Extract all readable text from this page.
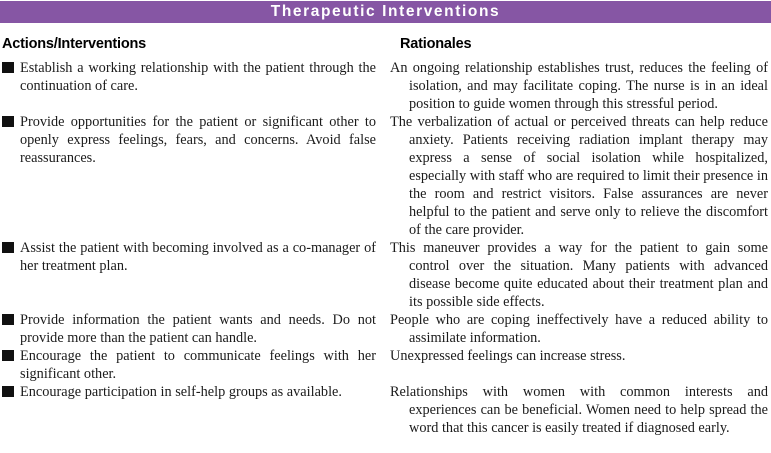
Therapeutic Interventions
Actions/Interventions	Rationales
Establish a working relationship with the patient through the continuation of care.
An ongoing relationship establishes trust, reduces the feeling of isolation, and may facilitate coping. The nurse is in an ideal position to guide women through this stressful period.
Provide opportunities for the patient or significant other to openly express feelings, fears, and concerns. Avoid false reassurances.
The verbalization of actual or perceived threats can help reduce anxiety. Patients receiving radiation implant therapy may express a sense of social isolation while hospitalized, especially with staff who are required to limit their presence in the room and restrict visitors. False assurances are never helpful to the patient and serve only to relieve the discomfort of the care provider.
Assist the patient with becoming involved as a co-manager of her treatment plan.
This maneuver provides a way for the patient to gain some control over the situation. Many patients with advanced disease become quite educated about their treatment plan and its possible side effects.
Provide information the patient wants and needs. Do not provide more than the patient can handle.
People who are coping ineffectively have a reduced ability to assimilate information.
Encourage the patient to communicate feelings with her significant other.
Unexpressed feelings can increase stress.
Encourage participation in self-help groups as available.	Relationships with women with common interests and experiences can be beneficial. Women need to help spread the word that this cancer is easily treated if diagnosed early.
